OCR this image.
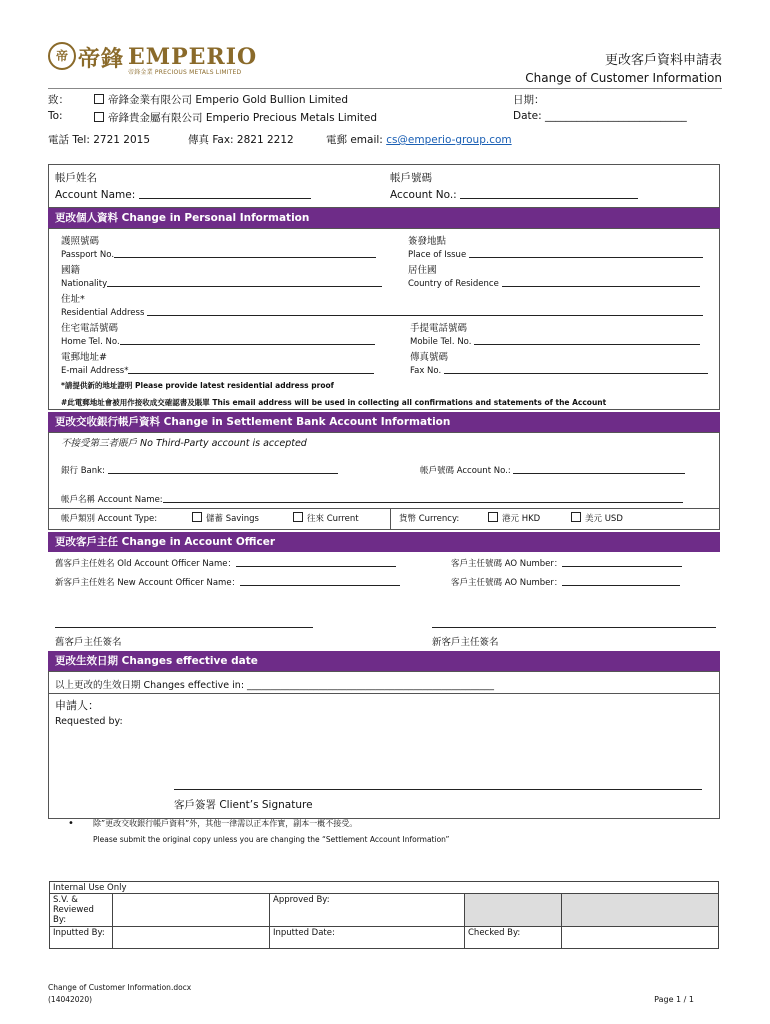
帝 帝鋒 EMPERIO
帝鋒金業 PRECIOUS METALS LIMITED
更改客戶資料申請表
Change of Customer Information
致：
To:
帝鋒金業有限公司 Emperio Gold Bullion Limited
帝鋒貴金屬有限公司 Emperio Precious Metals Limited
日期：
Date: ___________________________
電話 Tel: 2721 2015	傳真 Fax: 2821 2212	電郵 email: cs@emperio-group.com
帳戶姓名
Account Name:
帳戶號碼
Account No.:
更改個人資料 Change in Personal Information
護照號碼
Passport No.
簽發地點
Place of Issue
國籍
Nationality
居住國
Country of Residence
住址*
Residential Address
住宅電話號碼
Home Tel. No.
手提電話號碼
Mobile Tel. No.
電郵地址#
E-mail Address*
傳真號碼
Fax No.
*請提供新的地址證明 Please provide latest residential address proof
#此電郵地址會被用作接收成交確認書及賬單 This email address will be used in collecting all confirmations and statements of the Account
更改交收銀行帳戶資料 Change in Settlement Bank Account Information
不接受第三者賬戶 No Third-Party account is accepted
銀行 Bank:	帳戶號碼 Account No.:
帳戶名稱 Account Name:
帳戶類別 Account Type:	儲蓄 Savings	往來 Current	貨幣 Currency:	港元 HKD	美元 USD
更改客戶主任 Change in Account Officer
舊客戶主任姓名 Old Account Officer Name：	客戶主任號碼 AO Number：
新客戶主任姓名 New Account Officer Name：	客戶主任號碼 AO Number：
舊客戶主任簽名	新客戶主任簽名
更改生效日期 Changes effective date
以上更改的生效日期 Changes effective in: ____________________________________________________
申請人：
Requested by:
客戶簽署 Client’s Signature
• 除”更改交收銀行帳戶資料”外，其他一律需以正本作實，副本一概不接受。
Please submit the original copy unless you are changing the “Settlement Account Information”
Internal Use Only				
S.V. & Reviewed By:		Approved By:		
Inputted By:		Inputted Date:	Checked By:	
Change of Customer Information.docx
(14042020)	Page 1 / 1
